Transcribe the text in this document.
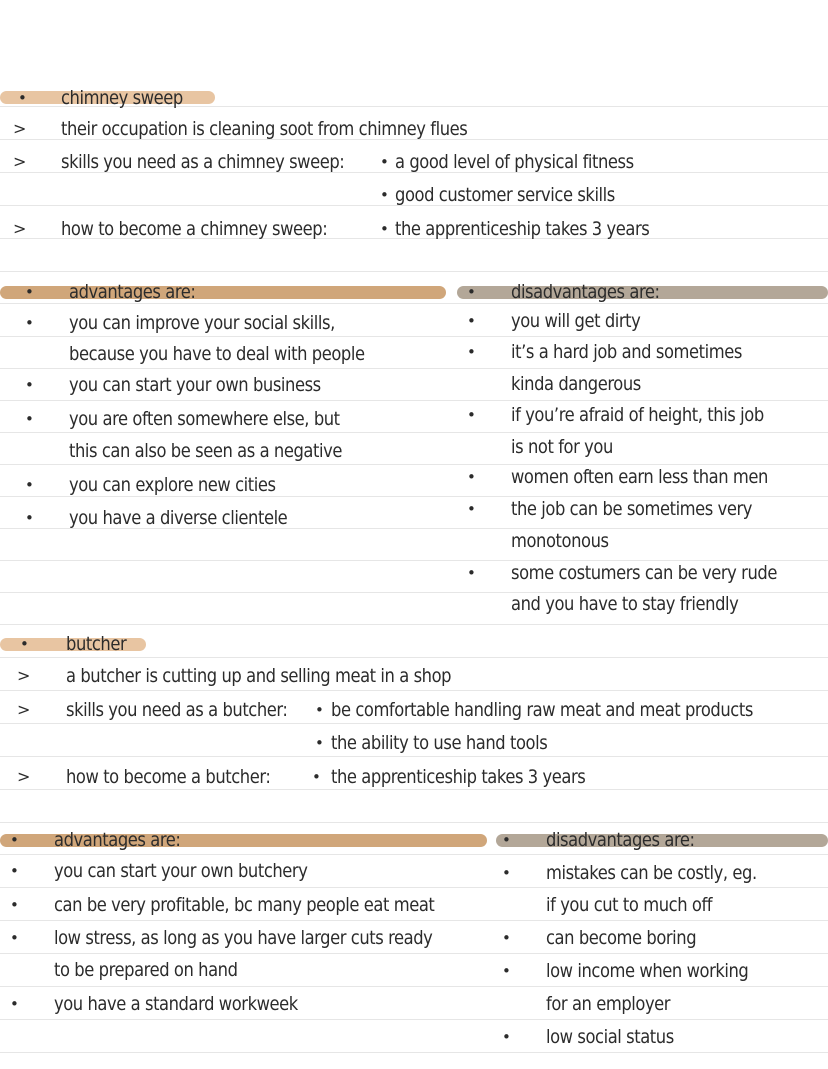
• chimney sweep
> their occupation is cleaning soot from chimney flues
> skills you need as a chimney sweep: • a good level of physical fitness
• good customer service skills
> how to become a chimney sweep:	• the apprenticeship takes 3 years
• advantages are:
• you can improve your social skills,
because you have to deal with people
• you can start your own business
• you are often somewhere else, but
this can also be seen as a negative
• you can explore new cities
• you have a diverse clientele
• disadvantages are:
• you will get dirty
• it’s a hard job and sometimes
kinda dangerous
• if you’re afraid of height, this job
is not for you
• women often earn less than men
• the job can be sometimes very
monotonous
• some costumers can be very rude
and you have to stay friendly
• butcher
> a butcher is cutting up and selling meat in a shop
> skills you need as a butcher: • be comfortable handling raw meat and meat products
• the ability to use hand tools
> how to become a butcher:	• the apprenticeship takes 3 years
• advantages are:
• you can start your own butchery
• can be very profitable, bc many people eat meat
• low stress, as long as you have larger cuts ready
to be prepared on hand
• you have a standard workweek
• disadvantages are:
• mistakes can be costly, eg.
if you cut to much off
• can become boring
• low income when working
for an employer
• low social status
